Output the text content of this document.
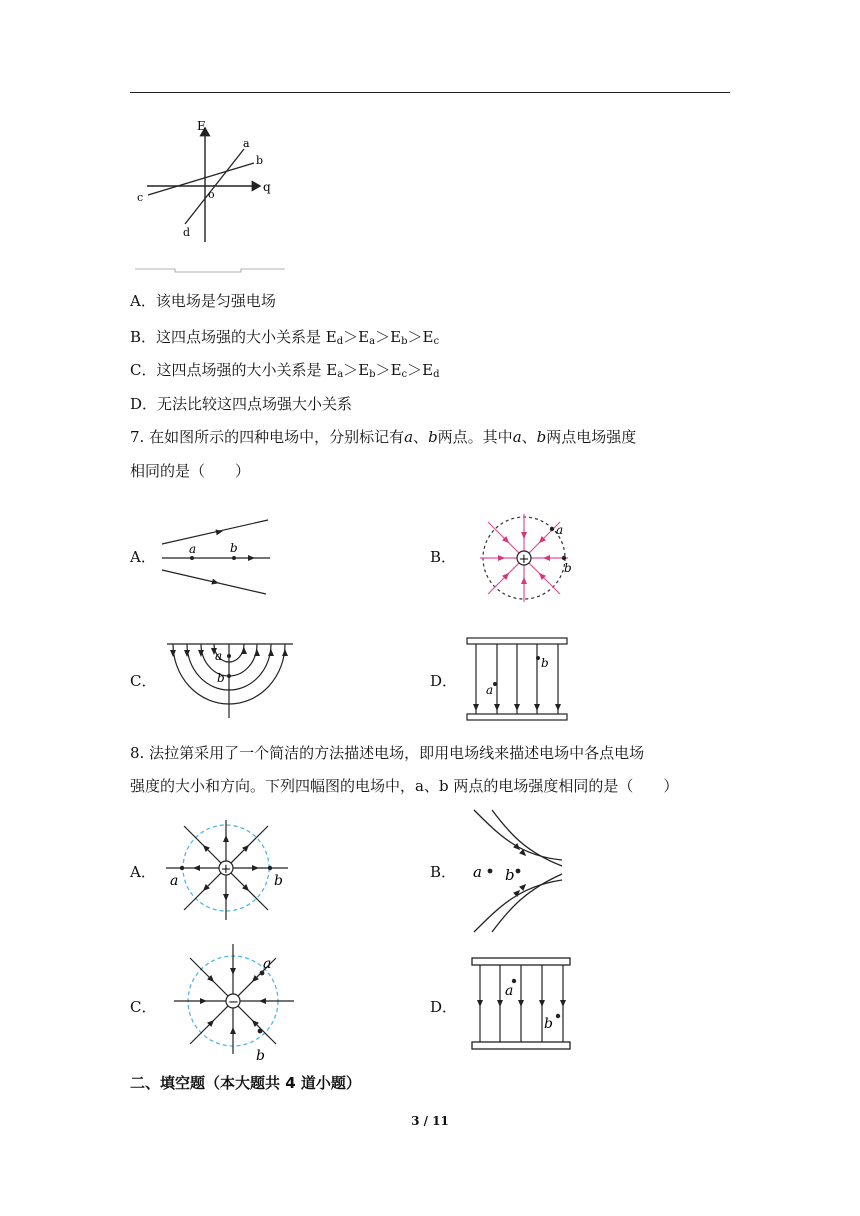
E
q
o
a
b
c
d
A．该电场是匀强电场
B．这四点场强的大小关系是 $E_d>E_a>E_b>E_c$
C．这四点场强的大小关系是 $E_a>E_b>E_c>E_d$
D．无法比较这四点场强大小关系
7. 在如图所示的四种电场中，分别标记有a、b两点。其中a、b两点电场强度
相同的是（　　）
A．	a	b	B．	+
a
b
C．
a
b	D． a
b
8. 法拉第采用了一个简洁的方法描述电场，即用电场线来描述电场中各点电场
强度的大小和方向。下列四幅图的电场中，a、b 两点的电场强度相同的是（　　）
A．	+
a	b	B． a b
C．	−
a
b
D．
a
b
二、填空题（本大题共 4 道小题）
3 / 11
